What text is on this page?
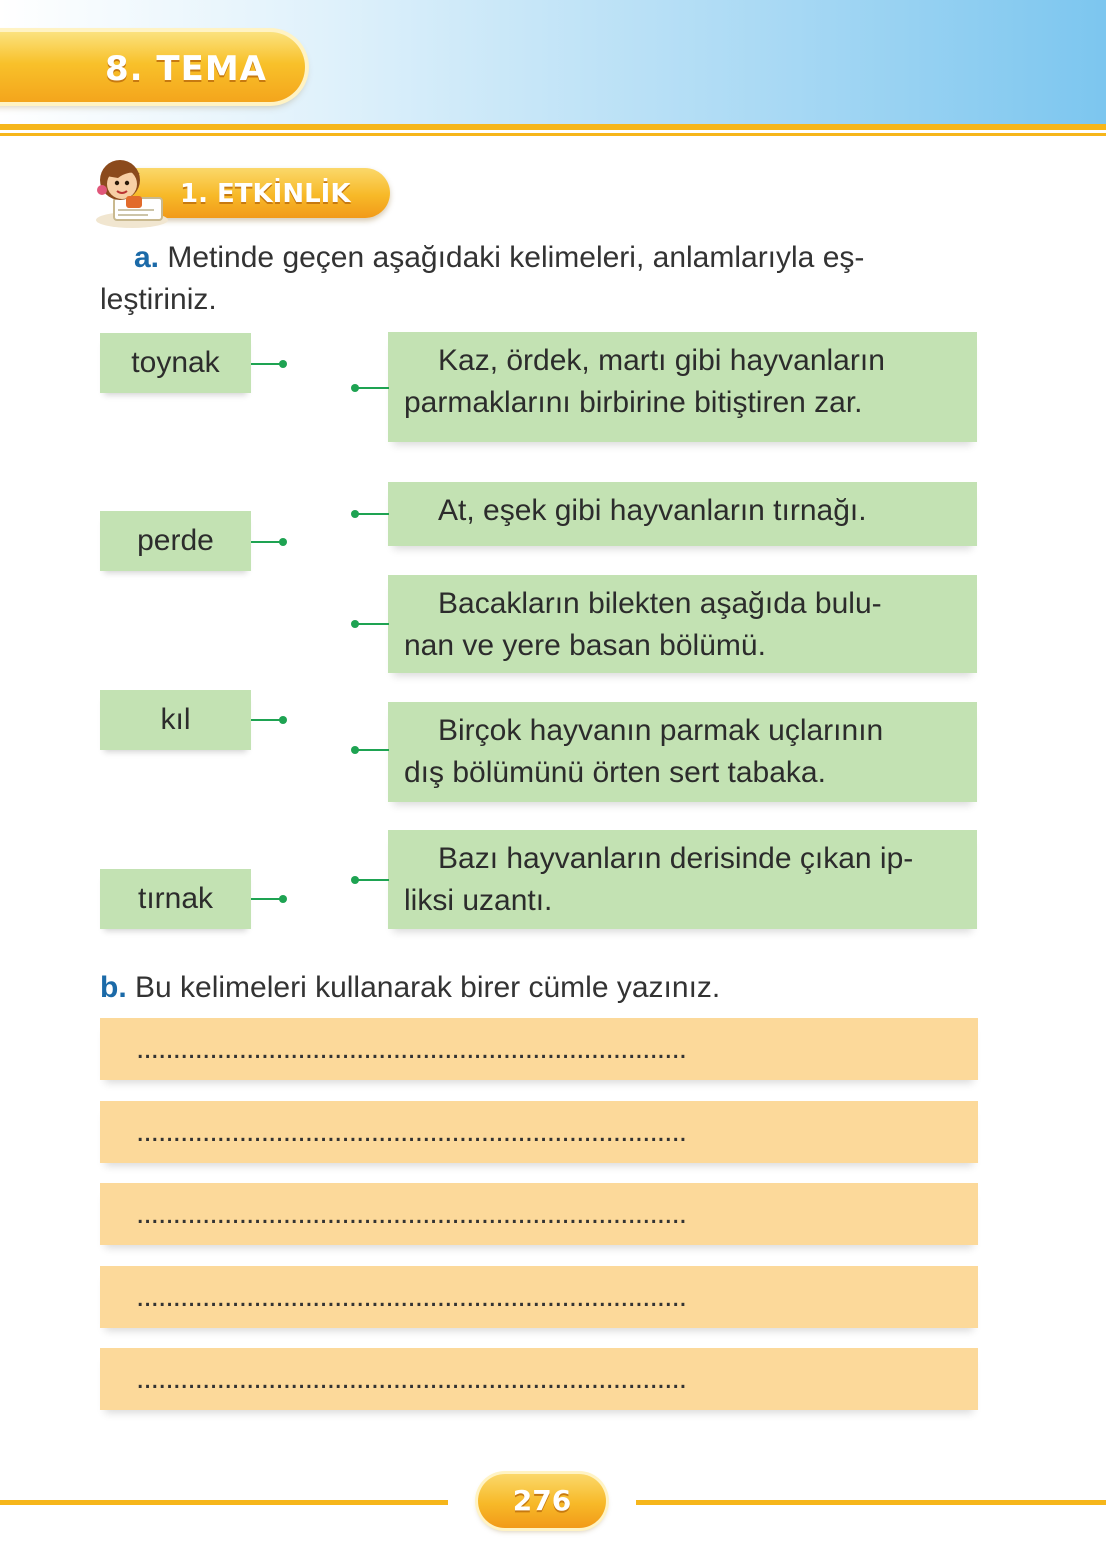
8. TEMA
1. ETKİNLİK
a. Metinde geçen aşağıdaki kelimeleri, anlamlarıyla eş-
leştiriniz.
toynak
perde
kıl
tırnak
Kaz, ördek, martı gibi hayvanların
parmaklarını birbirine bitiştiren zar.
At, eşek gibi hayvanların tırnağı.
Bacakların bilekten aşağıda bulu-
nan ve yere basan bölümü.
Birçok hayvanın parmak uçlarının
dış bölümünü örten sert tabaka.
Bazı hayvanların derisinde çıkan ip-
liksi uzantı.
b. Bu kelimeleri kullanarak birer cümle yazınız.
...........................................................................
...........................................................................
...........................................................................
...........................................................................
...........................................................................
276
